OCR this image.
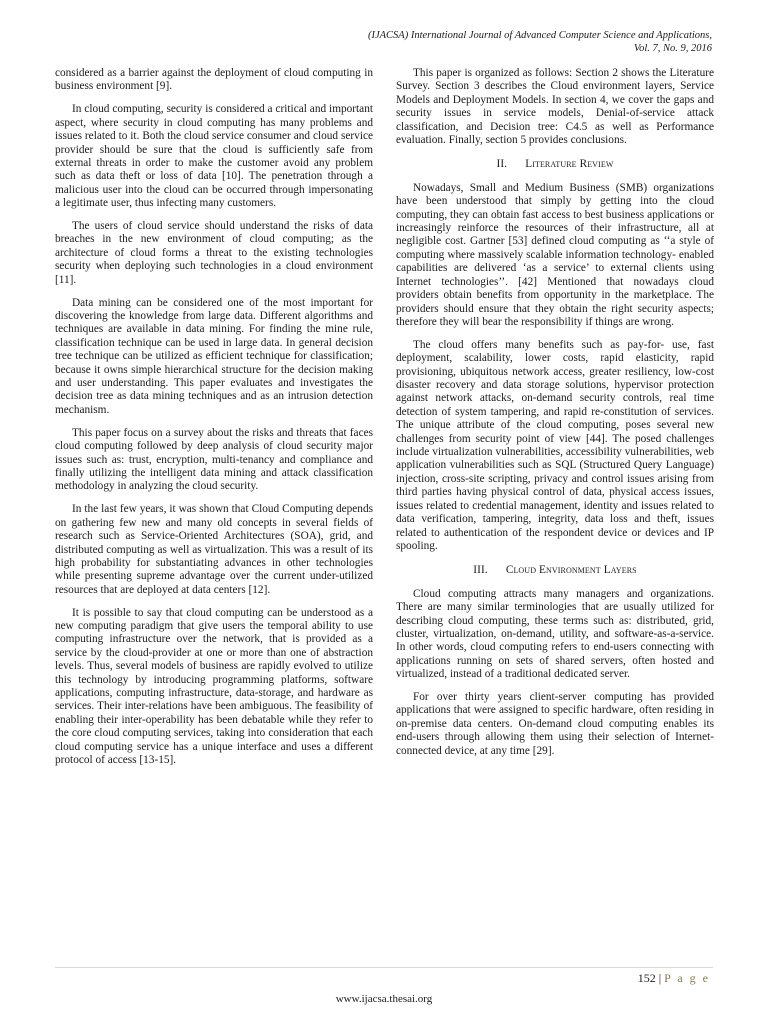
(IJACSA) International Journal of Advanced Computer Science and Applications,
Vol. 7, No. 9, 2016

considered as a barrier against the deployment of cloud computing in business environment [9].

In cloud computing, security is considered a critical and important aspect, where security in cloud computing has many problems and issues related to it. Both the cloud service consumer and cloud service provider should be sure that the cloud is sufficiently safe from external threats in order to make the customer avoid any problem such as data theft or loss of data [10]. The penetration through a malicious user into the cloud can be occurred through impersonating a legitimate user, thus infecting many customers.

The users of cloud service should understand the risks of data breaches in the new environment of cloud computing; as the architecture of cloud forms a threat to the existing technologies security when deploying such technologies in a cloud environment [11].

Data mining can be considered one of the most important for discovering the knowledge from large data. Different algorithms and techniques are available in data mining. For finding the mine rule, classification technique can be used in large data. In general decision tree technique can be utilized as efficient technique for classification; because it owns simple hierarchical structure for the decision making and user understanding. This paper evaluates and investigates the decision tree as data mining techniques and as an intrusion detection mechanism.

This paper focus on a survey about the risks and threats that faces cloud computing followed by deep analysis of cloud security major issues such as: trust, encryption, multi-tenancy and compliance and finally utilizing the intelligent data mining and attack classification methodology in analyzing the cloud security.

In the last few years, it was shown that Cloud Computing depends on gathering few new and many old concepts in several fields of research such as Service-Oriented Architectures (SOA), grid, and distributed computing as well as virtualization. This was a result of its high probability for substantiating advances in other technologies while presenting supreme advantage over the current under-utilized resources that are deployed at data centers [12].

It is possible to say that cloud computing can be understood as a new computing paradigm that give users the temporal ability to use computing infrastructure over the network, that is provided as a service by the cloud-provider at one or more than one of abstraction levels. Thus, several models of business are rapidly evolved to utilize this technology by introducing programming platforms, software applications, computing infrastructure, data-storage, and hardware as services. Their inter-relations have been ambiguous. The feasibility of enabling their inter-operability has been debatable while they refer to the core cloud computing services, taking into consideration that each cloud computing service has a unique interface and uses a different protocol of access [13-15].

This paper is organized as follows: Section 2 shows the Literature Survey. Section 3 describes the Cloud environment layers, Service Models and Deployment Models. In section 4, we cover the gaps and security issues in service models, Denial-of-service attack classification, and Decision tree: C4.5 as well as Performance evaluation. Finally, section 5 provides conclusions.

II. Literature Review

Nowadays, Small and Medium Business (SMB) organizations have been understood that simply by getting into the cloud computing, they can obtain fast access to best business applications or increasingly reinforce the resources of their infrastructure, all at negligible cost. Gartner [53] defined cloud computing as ‘‘a style of computing where massively scalable information technology- enabled capabilities are delivered ‘as a service’ to external clients using Internet technologies’’. [42] Mentioned that nowadays cloud providers obtain benefits from opportunity in the marketplace. The providers should ensure that they obtain the right security aspects; therefore they will bear the responsibility if things are wrong.

The cloud offers many benefits such as pay-for- use, fast deployment, scalability, lower costs, rapid elasticity, rapid provisioning, ubiquitous network access, greater resiliency, low-cost disaster recovery and data storage solutions, hypervisor protection against network attacks, on-demand security controls, real time detection of system tampering, and rapid re-constitution of services. The unique attribute of the cloud computing, poses several new challenges from security point of view [44]. The posed challenges include virtualization vulnerabilities, accessibility vulnerabilities, web application vulnerabilities such as SQL (Structured Query Language) injection, cross-site scripting, privacy and control issues arising from third parties having physical control of data, physical access issues, issues related to credential management, identity and issues related to data verification, tampering, integrity, data loss and theft, issues related to authentication of the respondent device or devices and IP spooling.

III. Cloud Environment Layers

Cloud computing attracts many managers and organizations. There are many similar terminologies that are usually utilized for describing cloud computing, these terms such as: distributed, grid, cluster, virtualization, on-demand, utility, and software-as-a-service. In other words, cloud computing refers to end-users connecting with applications running on sets of shared servers, often hosted and virtualized, instead of a traditional dedicated server.

For over thirty years client-server computing has provided applications that were assigned to specific hardware, often residing in on-premise data centers. On-demand cloud computing enables its end-users through allowing them using their selection of Internet-connected device, at any time [29].

152 | P a g e
www.ijacsa.thesai.org
